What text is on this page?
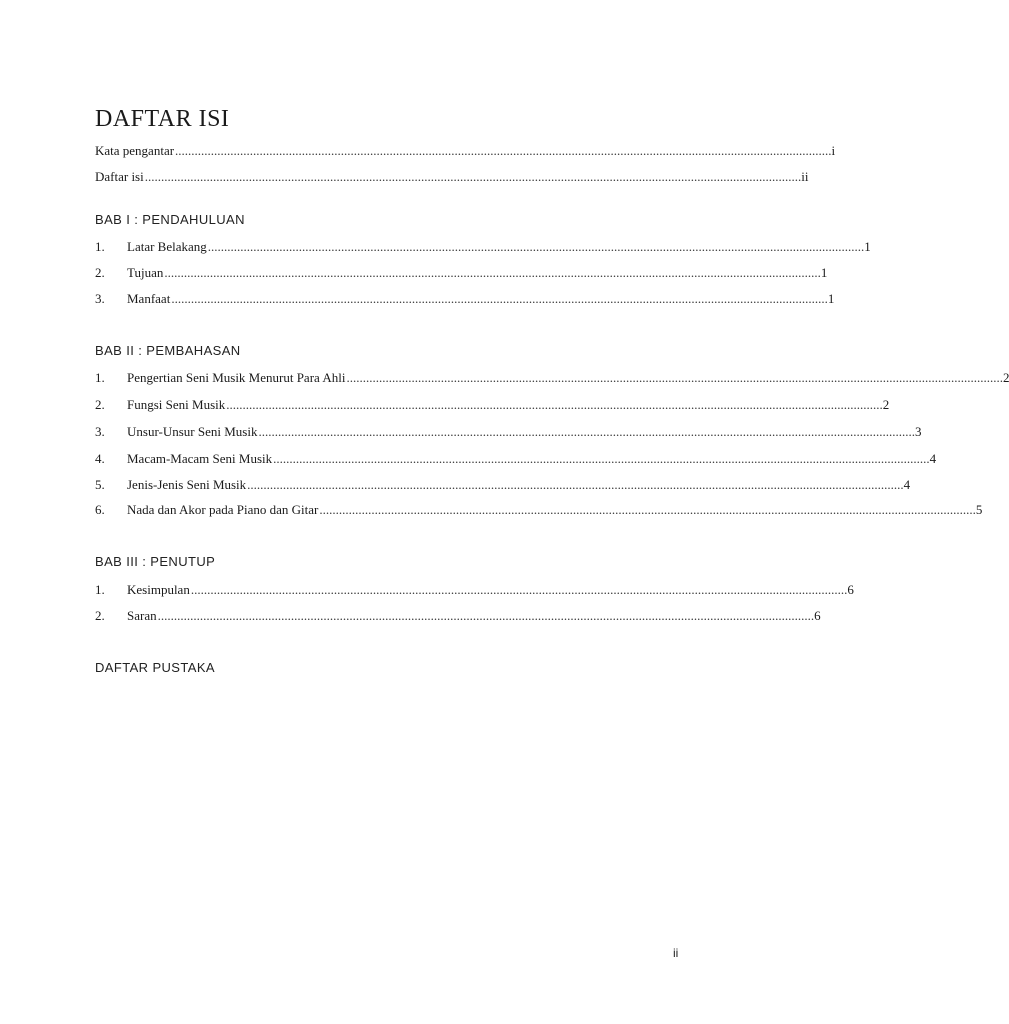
DAFTAR ISI
Kata pengantar .......................................................................................................................................................................................................... i
Daftar isi .......................................................................................................................................................................................................... ii
BAB I : PENDAHULUAN
1.	Latar Belakang .......................................................................................................................................................................................................... 1
2.	Tujuan .......................................................................................................................................................................................................... 1
3.	Manfaat .......................................................................................................................................................................................................... 1
BAB II : PEMBAHASAN
1.	Pengertian Seni Musik Menurut Para Ahli .......................................................................................................................................................................................................... 2
2.	Fungsi Seni Musik .......................................................................................................................................................................................................... 2
3.	Unsur-Unsur Seni Musik .......................................................................................................................................................................................................... 3
4.	Macam-Macam Seni Musik .......................................................................................................................................................................................................... 4
5.	Jenis-Jenis Seni Musik .......................................................................................................................................................................................................... 4
6.	Nada dan Akor pada Piano dan Gitar .......................................................................................................................................................................................................... 5
BAB III : PENUTUP
1.	Kesimpulan .......................................................................................................................................................................................................... 6
2.	Saran .......................................................................................................................................................................................................... 6
DAFTAR PUSTAKA
ii
